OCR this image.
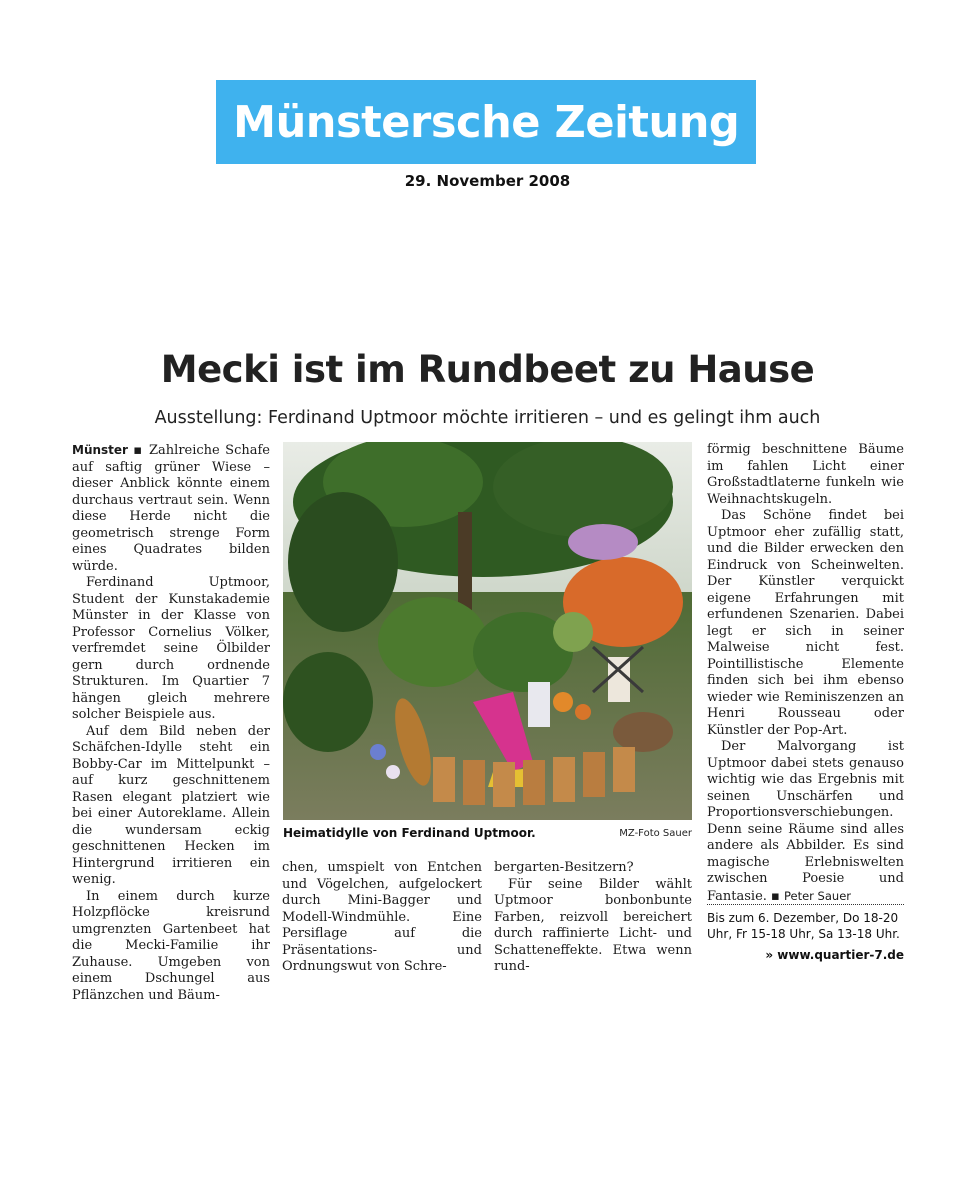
Münstersche Zeitung
29. November 2008
Mecki ist im Rundbeet zu Hause
Ausstellung: Ferdinand Uptmoor möchte irritieren – und es gelingt ihm auch

Münster ▪ Zahlreiche Schafe auf saftig grüner Wiese – dieser Anblick könnte einem durchaus vertraut sein. Wenn diese Herde nicht die geometrisch strenge Form eines Quadrates bilden würde.

Ferdinand Uptmoor, Student der Kunstakademie Münster in der Klasse von Professor Cornelius Völker, verfremdet seine Ölbilder gern durch ordnende Strukturen. Im Quartier 7 hängen gleich mehrere solcher Beispiele aus.

Auf dem Bild neben der Schäfchen-Idylle steht ein Bobby-Car im Mittelpunkt – auf kurz geschnittenem Rasen elegant platziert wie bei einer Autoreklame. Allein die wundersam eckig geschnittenen Hecken im Hintergrund irritieren ein wenig.

In einem durch kurze Holzpflöcke kreisrund umgrenzten Gartenbeet hat die Mecki-Familie ihr Zuhause. Umgeben von einem Dschungel aus Pflänzchen und Bäum-

Heimatidylle von Ferdinand Uptmoor.	MZ-Foto Sauer

chen, umspielt von Entchen und Vögelchen, aufgelockert durch Mini-Bagger und Modell-Windmühle. Eine Persiflage auf die Präsentations- und Ordnungswut von Schre-

bergarten-Besitzern?

Für seine Bilder wählt Uptmoor bonbonbunte Farben, reizvoll bereichert durch raffinierte Licht- und Schatteneffekte. Etwa wenn rund-

förmig beschnittene Bäume im fahlen Licht einer Großstadtlaterne funkeln wie Weihnachtskugeln.

Das Schöne findet bei Uptmoor eher zufällig statt, und die Bilder erwecken den Eindruck von Scheinwelten. Der Künstler verquickt eigene Erfahrungen mit erfundenen Szenarien. Dabei legt er sich in seiner Malweise nicht fest. Pointillistische Elemente finden sich bei ihm ebenso wieder wie Reminiszenzen an Henri Rousseau oder Künstler der Pop-Art.

Der Malvorgang ist Uptmoor dabei stets genauso wichtig wie das Ergebnis mit seinen Unschärfen und Proportionsverschiebungen. Denn seine Räume sind alles andere als Abbilder. Es sind magische Erlebniswelten zwischen Poesie und Fantasie. ▪ Peter Sauer

Bis zum 6. Dezember, Do 18-20 Uhr, Fr 15-18 Uhr, Sa 13-18 Uhr.
» www.quartier-7.de
